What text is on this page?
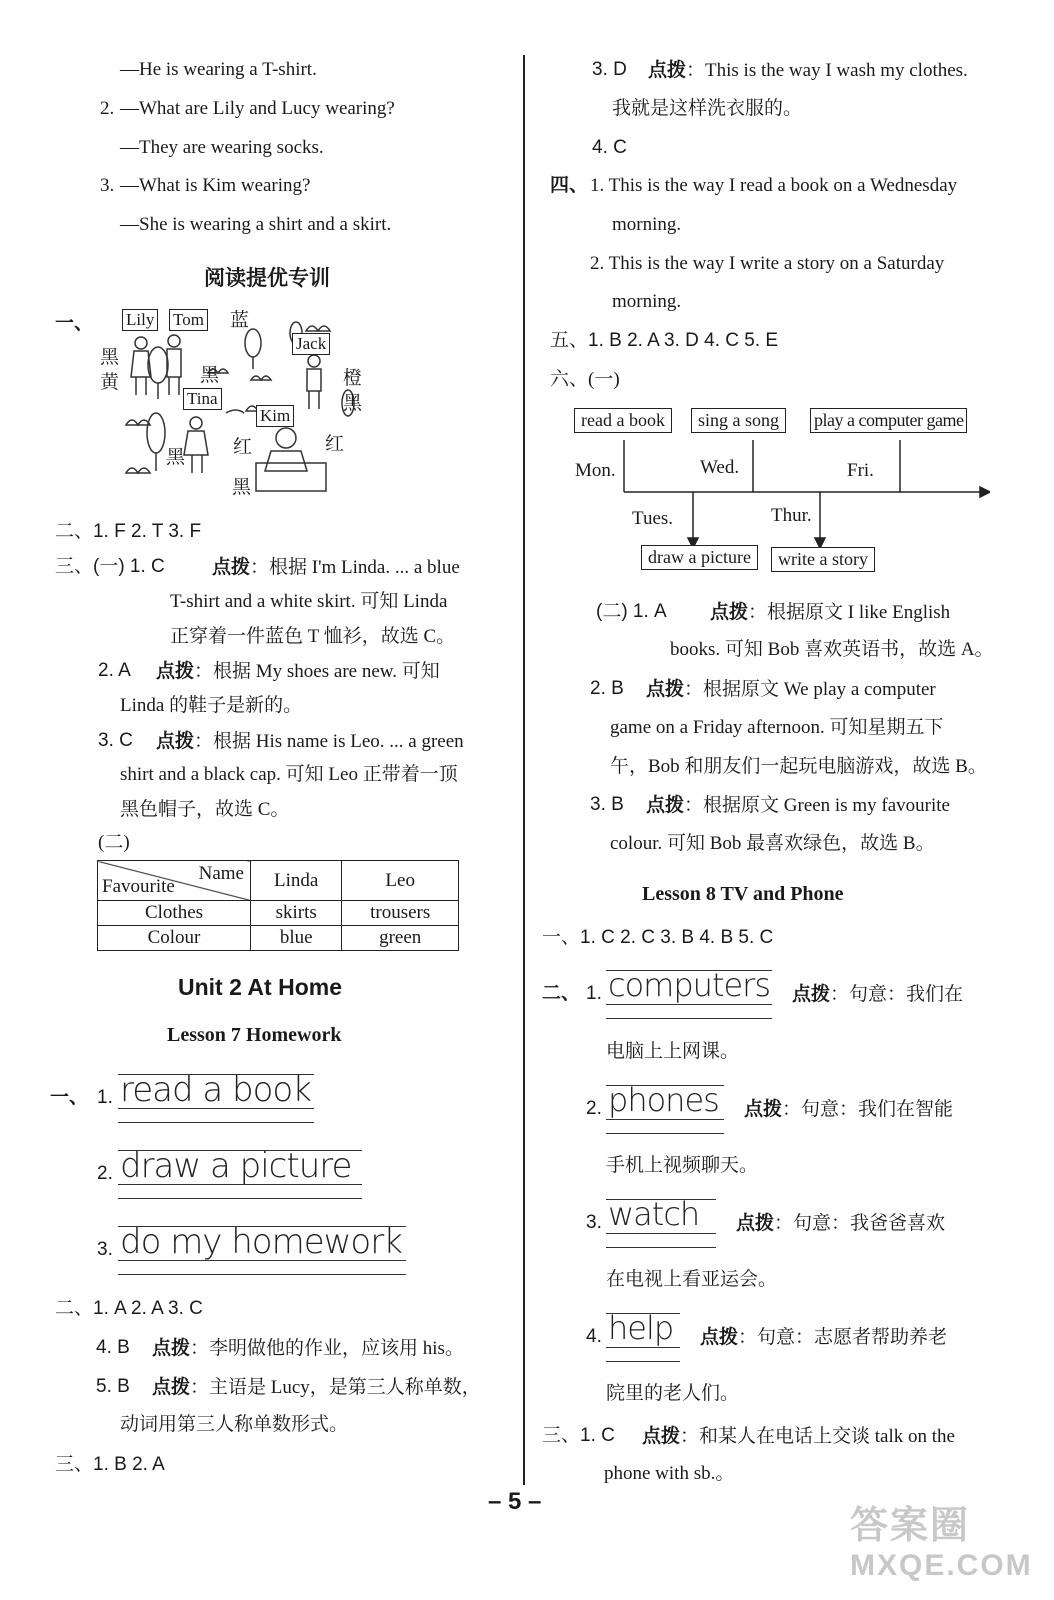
—He is wearing a T-shirt.
2. —What are Lily and Lucy wearing?
—They are wearing socks.
3. —What is Kim wearing?
—She is wearing a shirt and a skirt.
阅读提优专训
一、 Lily Tom 蓝
黑
黄	黑
Jack
橙
黑
Tina
Kim
红	红
黑
黑
二、1. F 2. T 3. F
三、(一) 1. C 点拨：根据 I'm Linda. ... a blue
T-shirt and a white skirt. 可知 Linda
正穿着一件蓝色 T 恤衫，故选 C。
2. A 点拨：根据 My shoes are new. 可知
Linda 的鞋子是新的。
3. C 点拨：根据 His name is Leo. ... a green
shirt and a black cap. 可知 Leo 正带着一顶
黑色帽子，故选 C。
(二)
Name
Favourite	Linda	Leo
Clothes	skirts	trousers
Colour	blue	green
Unit 2 At Home
Lesson 7 Homework
一、 1. read a book
2. draw a picture
3. do my homework
二、1. A 2. A 3. C
4. B 点拨：李明做他的作业，应该用 his。
5. B 点拨：主语是 Lucy，是第三人称单数，
动词用第三人称单数形式。
三、1. B 2. A
3. D 点拨：This is the way I wash my clothes.
我就是这样洗衣服的。
4. C
四、 1. This is the way I read a book on a Wednesday
morning.
2. This is the way I write a story on a Saturday
morning.
五、1. B 2. A 3. D 4. C 5. E
六、(一)
read a book	sing a song	play a computer game
Mon.	Wed.	Fri.
Tues.	Thur.
draw a picture	write a story
(二) 1. A 点拨：根据原文 I like English
books. 可知 Bob 喜欢英语书，故选 A。
2. B 点拨：根据原文 We play a computer
game on a Friday afternoon. 可知星期五下
午，Bob 和朋友们一起玩电脑游戏，故选 B。
3. B 点拨：根据原文 Green is my favourite
colour. 可知 Bob 最喜欢绿色，故选 B。
Lesson 8 TV and Phone
一、1. C 2. C 3. B 4. B 5. C
二、 1. computers 点拨：句意：我们在
电脑上上网课。
2. phones 点拨：句意：我们在智能
手机上视频聊天。
3. watch 点拨：句意：我爸爸喜欢
在电视上看亚运会。
4. help 点拨：句意：志愿者帮助养老
院里的老人们。
三、1. C 点拨：和某人在电话上交谈 talk on the
phone with sb.。
– 5 –
答案圈
MXQE.COM
